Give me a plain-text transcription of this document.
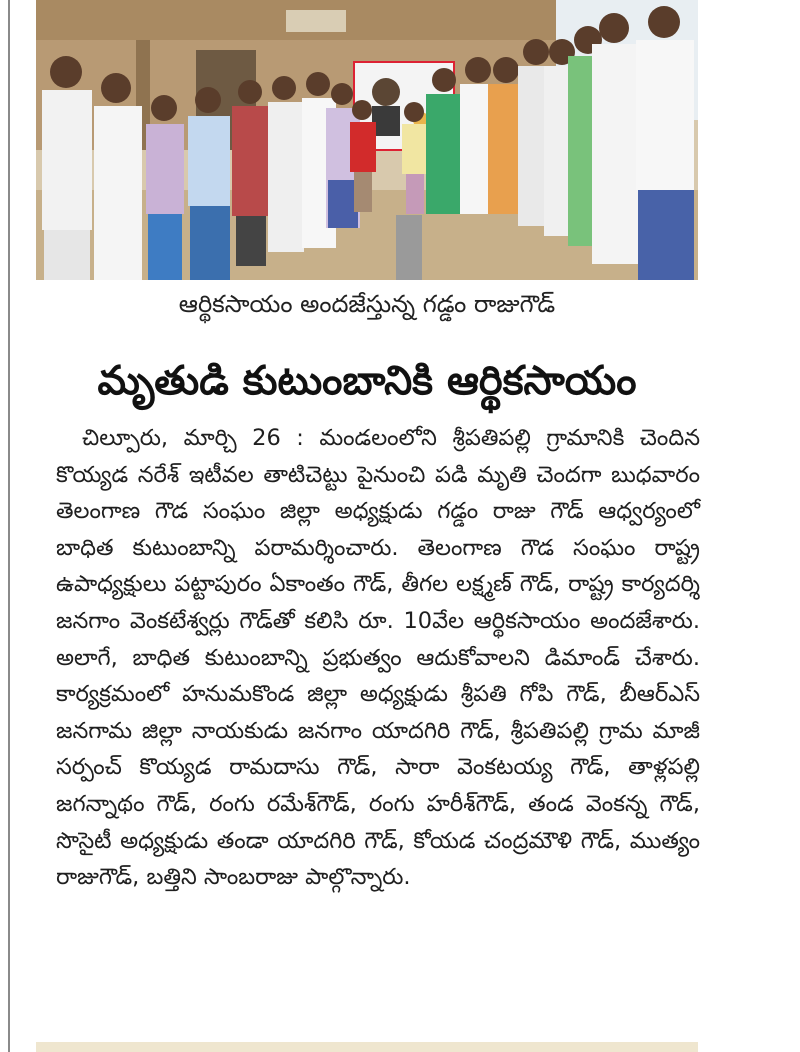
ఆర్థికసాయం అందజేస్తున్న గడ్డం రాజుగౌడ్
మృతుడి కుటుంబానికి ఆర్థికసాయం
చిల్పూరు, మార్చి 26 : మండలంలోని శ్రీపతిపల్లి గ్రామానికి చెందిన కొయ్యడ నరేశ్ ఇటీవల తాటిచెట్టు పైనుంచి పడి మృతి చెందగా బుధవారం తెలంగాణ గౌడ సంఘం జిల్లా అధ్యక్షుడు గడ్డం రాజు గౌడ్ ఆధ్వర్యంలో బాధిత కుటుంబాన్ని పరామర్శించారు. తెలంగాణ గౌడ సంఘం రాష్ట్ర ఉపాధ్యక్షులు పట్టాపురం ఏకాంతం గౌడ్, తీగల లక్ష్మణ్ గౌడ్, రాష్ట్ర కార్యదర్శి జనగాం వెంకటేశ్వర్లు గౌడ్‌తో కలిసి రూ. 10వేల ఆర్థికసాయం అందజేశారు. అలాగే, బాధిత కుటుంబాన్ని ప్రభుత్వం ఆదుకోవాలని డిమాండ్ చేశారు. కార్యక్రమంలో హనుమకొండ జిల్లా అధ్యక్షుడు శ్రీపతి గోపి గౌడ్, బీఆర్ఎస్ జనగామ జిల్లా నాయకుడు జనగాం యాదగిరి గౌడ్, శ్రీపతిపల్లి గ్రామ మాజీ సర్పంచ్ కొయ్యడ రామదాసు గౌడ్, సారా వెంకటయ్య గౌడ్, తాళ్లపల్లి జగన్నాథం గౌడ్, రంగు రమేశ్‌గౌడ్, రంగు హరీశ్‌గౌడ్, తండ వెంకన్న గౌడ్, సొసైటీ అధ్యక్షుడు తండా యాదగిరి గౌడ్, కోయడ చంద్రమౌళి గౌడ్, ముత్యం రాజుగౌడ్, బత్తిని సాంబరాజు పాల్గొన్నారు.
